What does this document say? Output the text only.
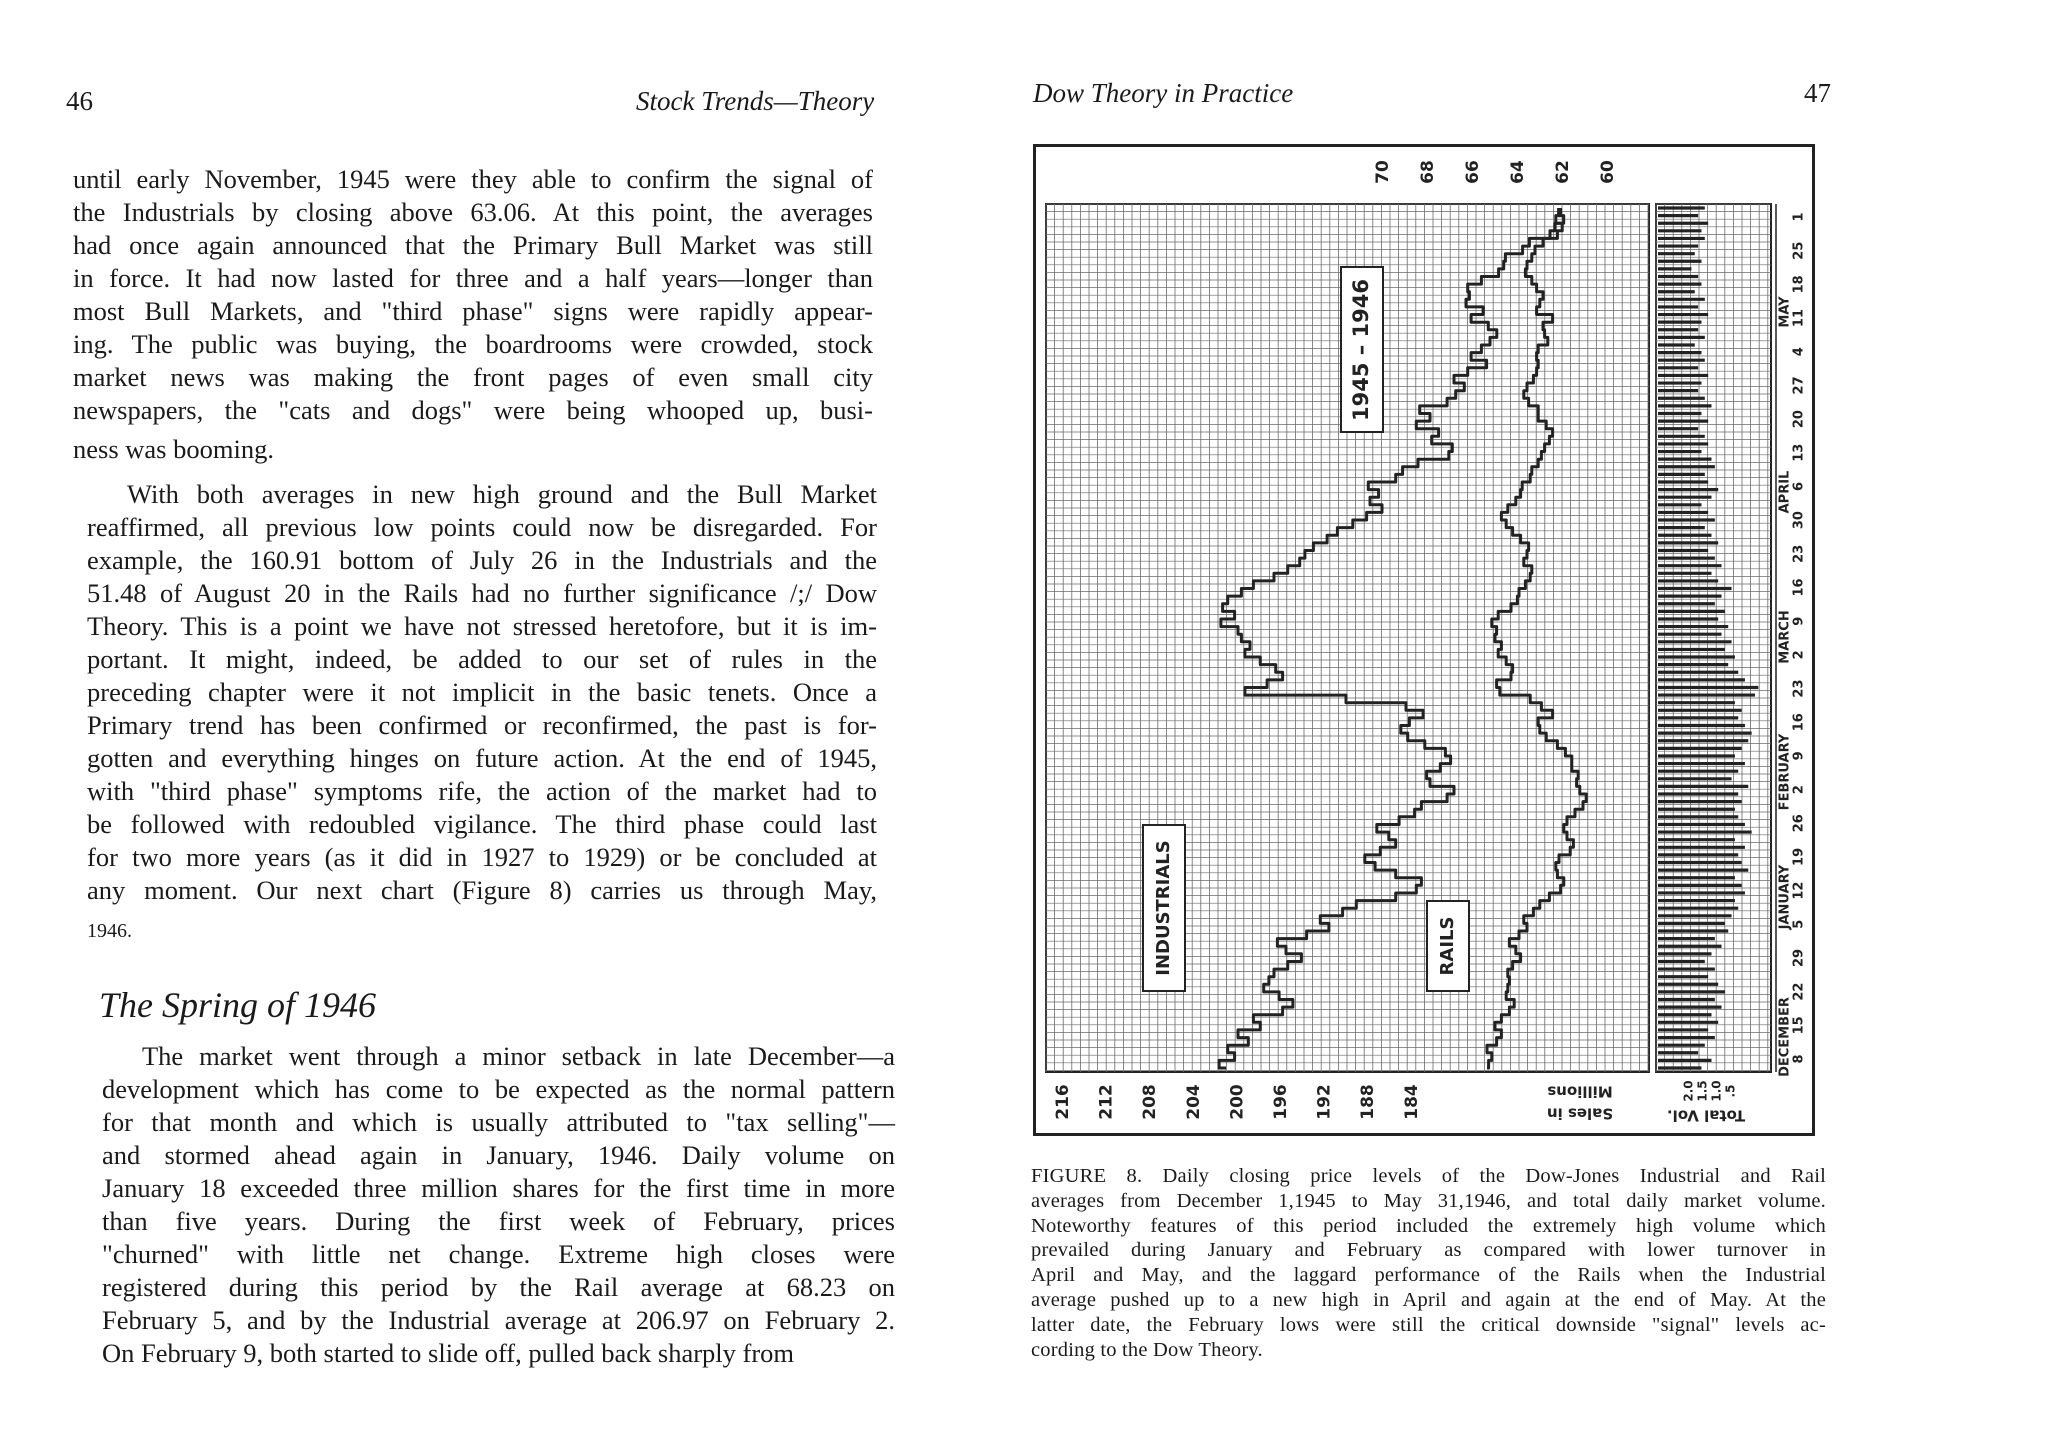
46	Stock Trends—Theory
until early November, 1945 were they able to confirm the signal of
the Industrials by closing above 63.06. At this point, the averages
had once again announced that the Primary Bull Market was still
in force. It had now lasted for three and a half years—longer than
most Bull Markets, and "third phase" signs were rapidly appear-
ing. The public was buying, the boardrooms were crowded, stock
market news was making the front pages of even small city
newspapers, the "cats and dogs" were being whooped up, busi-
ness was booming.
With both averages in new high ground and the Bull Market
reaffirmed, all previous low points could now be disregarded. For
example, the 160.91 bottom of July 26 in the Industrials and the
51.48 of August 20 in the Rails had no further significance /;/ Dow
Theory. This is a point we have not stressed heretofore, but it is im-
portant. It might, indeed, be added to our set of rules in the
preceding chapter were it not implicit in the basic tenets. Once a
Primary trend has been confirmed or reconfirmed, the past is for-
gotten and everything hinges on future action. At the end of 1945,
with "third phase" symptoms rife, the action of the market had to
be followed with redoubled vigilance. The third phase could last
for two more years (as it did in 1927 to 1929) or be concluded at
any moment. Our next chart (Figure 8) carries us through May,
1946.
The Spring of 1946
The market went through a minor setback in late December—a
development which has come to be expected as the normal pattern
for that month and which is usually attributed to "tax selling"—
and stormed ahead again in January, 1946. Daily volume on
January 18 exceeded three million shares for the first time in more
than five years. During the first week of February, prices
"churned" with little net change. Extreme high closes were
registered during this period by the Rail average at 68.23 on
February 5, and by the Industrial average at 206.97 on February 2.
On February 9, both started to slide off, pulled back sharply from
Dow Theory in Practice	47
216 212 208 204 200 196 192 188 184
70 68 66 64 62 60
Sales in
Millions
Total Vol.
2.0 1.5 1.0 .5
1945 – 1946
INDUSTRIALS	RAILS
DECEMBER
JANUARY
FEBRUARY
MARCH
APRIL
MAY
8
15
22
29
5
12
19
26
2
9
16
23
2
9
16
23
30
6
13
20
27
4
11
18
25
1
FIGURE 8. Daily closing price levels of the Dow-Jones Industrial and Rail
averages from December 1,1945 to May 31,1946, and total daily market volume.
Noteworthy features of this period included the extremely high volume which
prevailed during January and February as compared with lower turnover in
April and May, and the laggard performance of the Rails when the Industrial
average pushed up to a new high in April and again at the end of May. At the
latter date, the February lows were still the critical downside "signal" levels ac-
cording to the Dow Theory.
